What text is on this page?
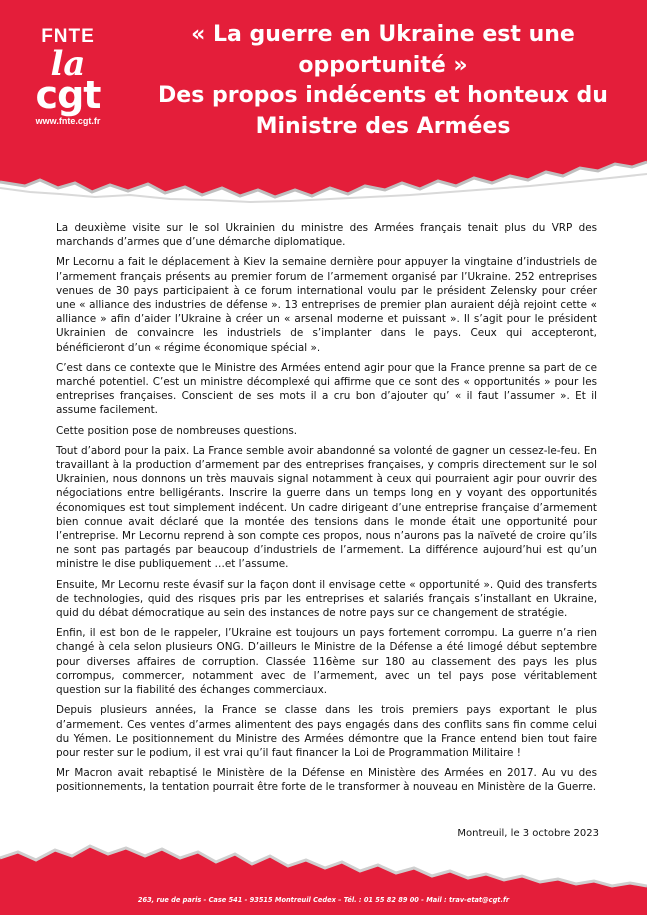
FNTE
la
cgt
www.fnte.cgt.fr
« La guerre en Ukraine est une
opportunité »
Des propos indécents et honteux du
Ministre des Armées

La deuxième visite sur le sol Ukrainien du ministre des Armées français tenait plus du VRP des marchands d’armes que d’une démarche diplomatique.

Mr Lecornu a fait le déplacement à Kiev la semaine dernière pour appuyer la vingtaine d’industriels de l’armement français présents au premier forum de l’armement organisé par l’Ukraine. 252 entreprises venues de 30 pays participaient à ce forum international voulu par le président Zelensky pour créer une « alliance des industries de défense ». 13 entreprises de premier plan auraient déjà rejoint cette « alliance » afin d’aider l’Ukraine à créer un « arsenal moderne et puissant ». Il s’agit pour le président Ukrainien de convaincre les industriels de s’implanter dans le pays. Ceux qui accepteront, bénéficieront d’un « régime économique spécial ».

C’est dans ce contexte que le Ministre des Armées entend agir pour que la France prenne sa part de ce marché potentiel. C’est un ministre décomplexé qui affirme que ce sont des « opportunités » pour les entreprises françaises. Conscient de ses mots il a cru bon d’ajouter qu’ « il faut l’assumer ». Et il assume facilement.

Cette position pose de nombreuses questions.

Tout d’abord pour la paix. La France semble avoir abandonné sa volonté de gagner un cessez-le-feu. En travaillant à la production d’armement par des entreprises françaises, y compris directement sur le sol Ukrainien, nous donnons un très mauvais signal notamment à ceux qui pourraient agir pour ouvrir des négociations entre belligérants. Inscrire la guerre dans un temps long en y voyant des opportunités économiques est tout simplement indécent. Un cadre dirigeant d’une entreprise française d’armement bien connue avait déclaré que la montée des tensions dans le monde était une opportunité pour l’entreprise. Mr Lecornu reprend à son compte ces propos, nous n’aurons pas la naïveté de croire qu’ils ne sont pas partagés par beaucoup d’industriels de l’armement. La différence aujourd’hui est qu’un ministre le dise publiquement …et l’assume.

Ensuite, Mr Lecornu reste évasif sur la façon dont il envisage cette « opportunité ». Quid des transferts de technologies, quid des risques pris par les entreprises et salariés français s’installant en Ukraine, quid du débat démocratique au sein des instances de notre pays sur ce changement de stratégie.

Enfin, il est bon de le rappeler, l’Ukraine est toujours un pays fortement corrompu. La guerre n’a rien changé à cela selon plusieurs ONG. D’ailleurs le Ministre de la Défense a été limogé début septembre pour diverses affaires de corruption. Classée 116ème sur 180 au classement des pays les plus corrompus, commercer, notamment avec de l’armement, avec un tel pays pose véritablement question sur la fiabilité des échanges commerciaux.

Depuis plusieurs années, la France se classe dans les trois premiers pays exportant le plus d’armement. Ces ventes d’armes alimentent des pays engagés dans des conflits sans fin comme celui du Yémen. Le positionnement du Ministre des Armées démontre que la France entend bien tout faire pour rester sur le podium, il est vrai qu’il faut financer la Loi de Programmation Militaire !

Mr Macron avait rebaptisé le Ministère de la Défense en Ministère des Armées en 2017. Au vu des positionnements, la tentation pourrait être forte de le transformer à nouveau en Ministère de la Guerre.

Montreuil, le 3 octobre 2023
263, rue de paris - Case 541 - 93515 Montreuil Cedex – Tél. : 01 55 82 89 00 - Mail : trav-etat@cgt.fr
